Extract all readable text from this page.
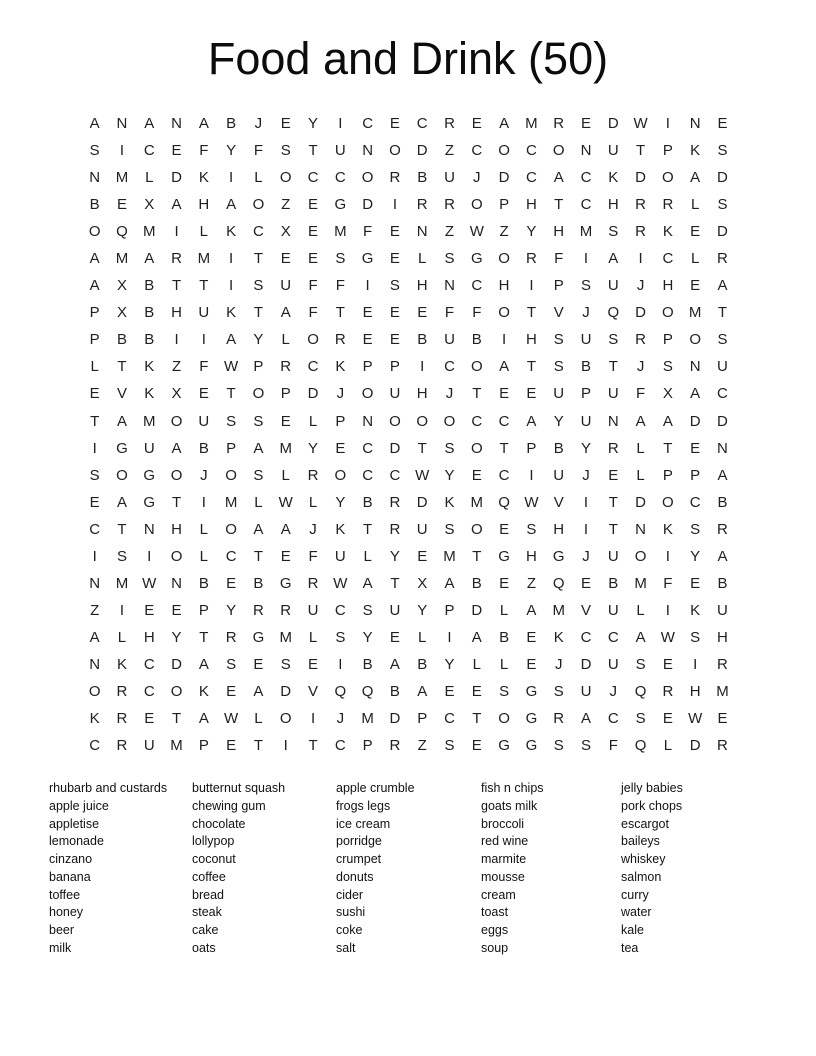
Food and Drink (50)
A	N	A	N	A	B	J	E	Y	I	C	E	C	R	E	A	M	R	E	D W	I	N	E
S	I	C	E	F	Y	F	S	T	U	N	O	D	Z	C	O	C	O	N	U	T	P	K	S
N	M	L	D	K	I	L	O	C	C	O	R	B	U	J	D	C	A	C	K	D	O	A	D
B	E	X	A	H	A	O	Z	E	G	D	I	R	R	O	P	H	T	C	H	R	R	L	S
O	Q	M	I	L	K	C	X	E	M	F	E	N	Z	W	Z	Y	H	M	S	R	K	E	D
A	M	A	R	M	I	T	E	E	S	G	E	L	S	G	O	R	F	I	A	I	C	L	R
A	X	B	T	T	I	S	U	F	F	I	S	H	N	C	H	I	P	S	U	J	H	E	A
P	X	B	H	U	K	T	A	F	T	E	E	E	F	F	O	T	V	J	Q	D	O	M	T
P	B	B	I	I	A	Y	L	O	R	E	E	B	U	B	I	H	S	U	S	R	P	O	S
L	T	K	Z	F	W	P	R	C	K	P	P	I	C	O	A	T	S	B	T	J	S	N	U
E	V	K	X	E	T	O	P	D	J	O	U	H	J	T	E	E	U	P	U	F	X	A	C
T	A	M	O	U	S	S	E	L	P	N	O	O	O	C	C	A	Y	U	N	A	A	D	D
I	G	U	A	B	P	A	M	Y	E	C	D	T	S	O	T	P	B	Y	R	L	T	E	N
S	O	G	O	J	O	S	L	R	O	C	C W	Y	E	C	I	U	J	E	L	P	P	A
E	A	G	T	I	M	L	W	L	Y	B	R	D	K	M	Q W	V	I	T	D	O	C	B
C	T	N	H	L	O	A	A	J	K	T	R	U	S	O	E	S	H	I	T	N	K	S	R
I	S	I	O	L	C	T	E	F	U	L	Y	E	M	T	G	H	G	J	U	O	I	Y	A
N	M W N	B	E	B	G	R W	A	T	X	A	B	E	Z	Q	E	B	M	F	E	B
Z	I	E	E	P	Y	R	R	U	C	S	U	Y	P	D	L	A	M	V	U	L	I	K	U
A	L	H	Y	T	R	G	M	L	S	Y	E	L	I	A	B	E	K	C	C	A	W	S	H
N	K	C	D	A	S	E	S	E	I	B	A	B	Y	L	L	E	J	D	U	S	E	I	R
O	R	C	O	K	E	A	D	V	Q	Q	B	A	E	E	S	G	S	U	J	Q	R	H	M
K	R	E	T	A	W	L	O	I	J	M	D	P	C	T	O	G	R	A	C	S	E	W	E
C	R	U	M	P	E	T	I	T	C	P	R	Z	S	E	G	G	S	S	F	Q	L	D	R
rhubarb and custards
apple juice
appletise
lemonade
cinzano
banana
toffee
honey
beer
milk
butternut squash
chewing gum
chocolate
lollypop
coconut
coffee
bread
steak
cake
oats
apple crumble
frogs legs
ice cream
porridge
crumpet
donuts
cider
sushi
coke
salt
fish n chips
goats milk
broccoli
red wine
marmite
mousse
cream
toast
eggs
soup
jelly babies
pork chops
escargot
baileys
whiskey
salmon
curry
water
kale
tea
